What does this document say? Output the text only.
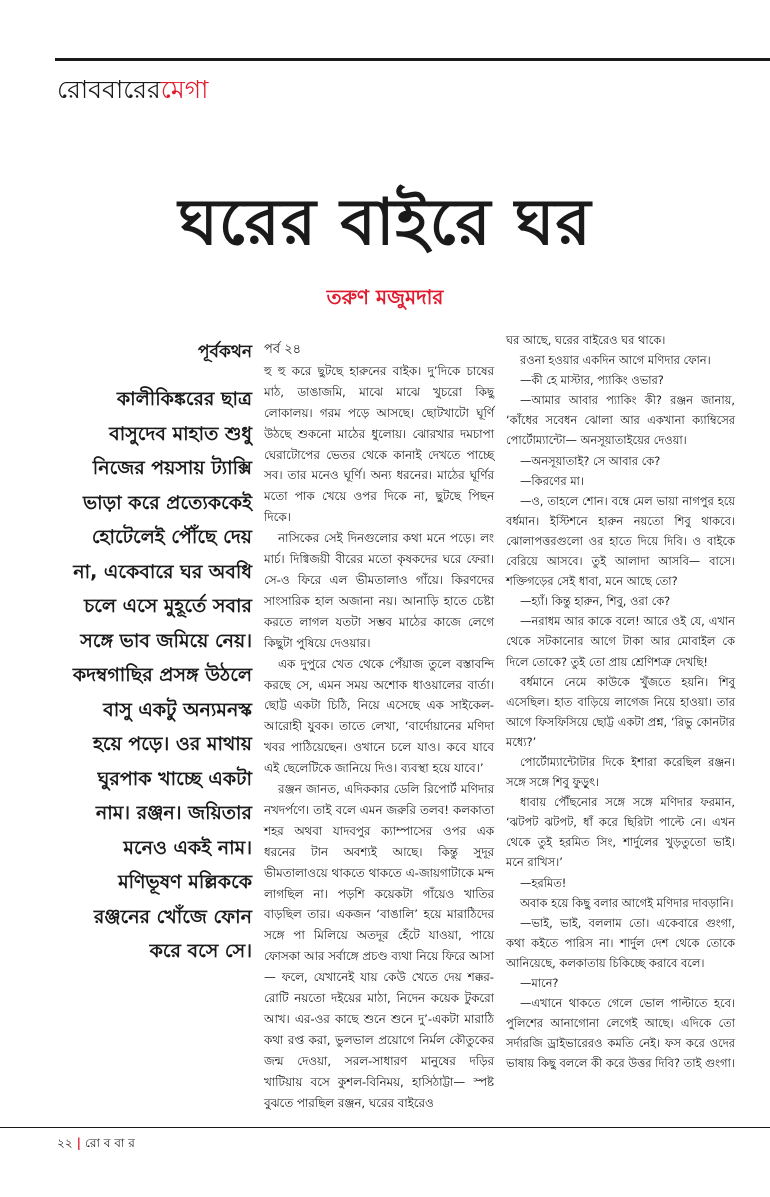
রোববারেরমেগা
ঘরের বাইরে ঘর
তরুণ মজুমদার
পূর্বকথন
কালীকিঙ্করের ছাত্র বাসুদেব মাহাত শুধু নিজের পয়সায় ট্যাক্সি ভাড়া করে প্রত্যেককেই হোটেলেই পৌঁছে দেয় না, একেবারে ঘর অবধি চলে এসে মুহূর্তে সবার সঙ্গে ভাব জমিয়ে নেয়। কদম্বগাছির প্রসঙ্গ উঠলে বাসু একটু অন্যমনস্ক হয়ে পড়ে। ওর মাথায় ঘুরপাক খাচ্ছে একটা নাম। রঞ্জন। জয়িতার মনেও একই নাম। মণিভূষণ মল্লিককে রঞ্জনের খোঁজে ফোন করে বসে সে।

পর্ব ২৪

হু হু করে ছুটছে হারুনের বাইক। দু’দিকে চাষের মাঠ, ডাঙাজমি, মাঝে মাঝে খুচরো কিছু লোকালয়। গরম পড়ে আসছে। ছোটখাটো ঘূর্ণি উঠছে শুকনো মাঠের ধুলোয়। ঝোরখার দমচাপা ঘেরাটোপের ভেতর থেকে কানাই দেখতে পাচ্ছে সব। তার মনেও ঘূর্ণি। অন্য ধরনের। মাঠের ঘূর্ণির মতো পাক খেয়ে ওপর দিকে না, ছুটছে পিছন দিকে।

নাসিকের সেই দিনগুলোর কথা মনে পড়ে। লং মার্চ। দিগ্বিজয়ী বীরের মতো কৃষকদের ঘরে ফেরা। সে-ও ফিরে এল ভীমতালাও গাঁয়ে। কিরণদের সাংসারিক হাল অজানা নয়। আনাড়ি হাতে চেষ্টা করতে লাগল যতটা সম্ভব মাঠের কাজে লেগে কিছুটা পুষিয়ে দেওয়ার।

এক দুপুরে খেত থেকে পেঁয়াজ তুলে বস্তাবন্দি করছে সে, এমন সময় অশোক ধাওয়ালের বার্তা। ছোট্ট একটা চিঠি, নিয়ে এসেছে এক সাইকেল-আরোহী যুবক। তাতে লেখা, ‘বার্দোয়ানের মণিদা খবর পাঠিয়েছেন। ওখানে চলে যাও। কবে যাবে এই ছেলেটিকে জানিয়ে দিও। ব্যবস্থা হয়ে যাবে।’

রঞ্জন জানত, এদিককার ডেলি রিপোর্ট মণিদার নখদর্পণে। তাই বলে এমন জরুরি তলব! কলকাতা শহর অথবা যাদবপুর ক্যাম্পাসের ওপর এক ধরনের টান অবশ্যই আছে। কিন্তু সুদূর ভীমতালাওয়ে থাকতে থাকতে এ-জায়গাটাকে মন্দ লাগছিল না। পড়শি কয়েকটা গাঁয়েও খাতির বাড়ছিল তার। একজন ‘বাঙালি’ হয়ে মারাঠিদের সঙ্গে পা মিলিয়ে অতদূর হেঁটে যাওয়া, পায়ে ফোসকা আর সর্বাঙ্গে প্রচণ্ড ব্যথা নিয়ে ফিরে আসা— ফলে, যেখানেই যায় কেউ খেতে দেয় শক্কর-রোটি নয়তো দইয়ের মাঠা, নিদেন কয়েক টুকরো আখ। এর-ওর কাছে শুনে শুনে দু’-একটা মারাঠি কথা রপ্ত করা, ভুলভাল প্রয়োগে নির্মল কৌতুকের জন্ম দেওয়া, সরল-সাধারণ মানুষের দড়ির খাটিয়ায় বসে কুশল-বিনিময়, হাসিঠাট্টা— স্পষ্ট বুঝতে পারছিল রঞ্জন, ঘরের বাইরেও

ঘর আছে, ঘরের বাইরেও ঘর থাকে।

রওনা হওয়ার একদিন আগে মণিদার ফোন।

—কী হে মাস্টার, প্যাকিং ওভার?

—আমার আবার প্যাকিং কী? রঞ্জন জানায়, ‘কাঁধের সবেধন ঝোলা আর একখানা ক্যাম্বিসের পোর্টোম্যান্টো— অনসূয়াতাইয়ের দেওয়া।

—অনসূয়াতাই? সে আবার কে?

—কিরণের মা।

—ও, তাহলে শোন। বম্বে মেল ভায়া নাগপুর হয়ে বর্ধমান। ইস্টিশনে হারুন নয়তো শিবু থাকবে। ঝোলাপত্তরগুলো ওর হাতে দিয়ে দিবি। ও বাইকে বেরিয়ে আসবে। তুই আলাদা আসবি— বাসে। শক্তিগড়ের সেই ধাবা, মনে আছে তো?

—হ্যাঁ। কিন্তু হারুন, শিবু, ওরা কে?

—নরাধম আর কাকে বলে! আরে ওই যে, এখান থেকে সটকানোর আগে টাকা আর মোবাইল কে দিলে তোকে? তুই তো প্রায় শ্রেণিশত্রু দেখছি!

বর্ধমানে নেমে কাউকে খুঁজতে হয়নি। শিবু এসেছিল। হাত বাড়িয়ে লাগেজ নিয়ে হাওয়া। তার আগে ফিসফিসিয়ে ছোট্ট একটা প্রশ্ন, ‘রিভু কোনটার মধ্যে?’

পোর্টোম্যান্টোটার দিকে ইশারা করেছিল রঞ্জন। সঙ্গে সঙ্গে শিবু ফুড়ুৎ।

ধাবায় পৌঁছনোর সঙ্গে সঙ্গে মণিদার ফরমান, ‘ঝটপট ঝটপট, ধাঁ করে ছিরিটা পাল্টে নে। এখন থেকে তুই হরমিত সিং, শার্দুলের খুড়তুতো ভাই। মনে রাখিস।’

—হরমিত!

অবাক হয়ে কিছু বলার আগেই মণিদার দাবড়ানি।

—ভাই, ভাই, বললাম তো। একেবারে গুংগা, কথা কইতে পারিস না। শার্দুল দেশ থেকে তোকে আনিয়েছে, কলকাতায় চিকিচ্ছে করাবে বলে।

—মানে?

—এখানে থাকতে গেলে ভোল পাল্টাতে হবে। পুলিশের আনাগোনা লেগেই আছে। এদিকে তো সর্দারজি ড্রাইভারেরও কমতি নেই। ফস করে ওদের ভাষায় কিছু বললে কী করে উত্তর দিবি? তাই গুংগা।

২২ | রো ব বা র
